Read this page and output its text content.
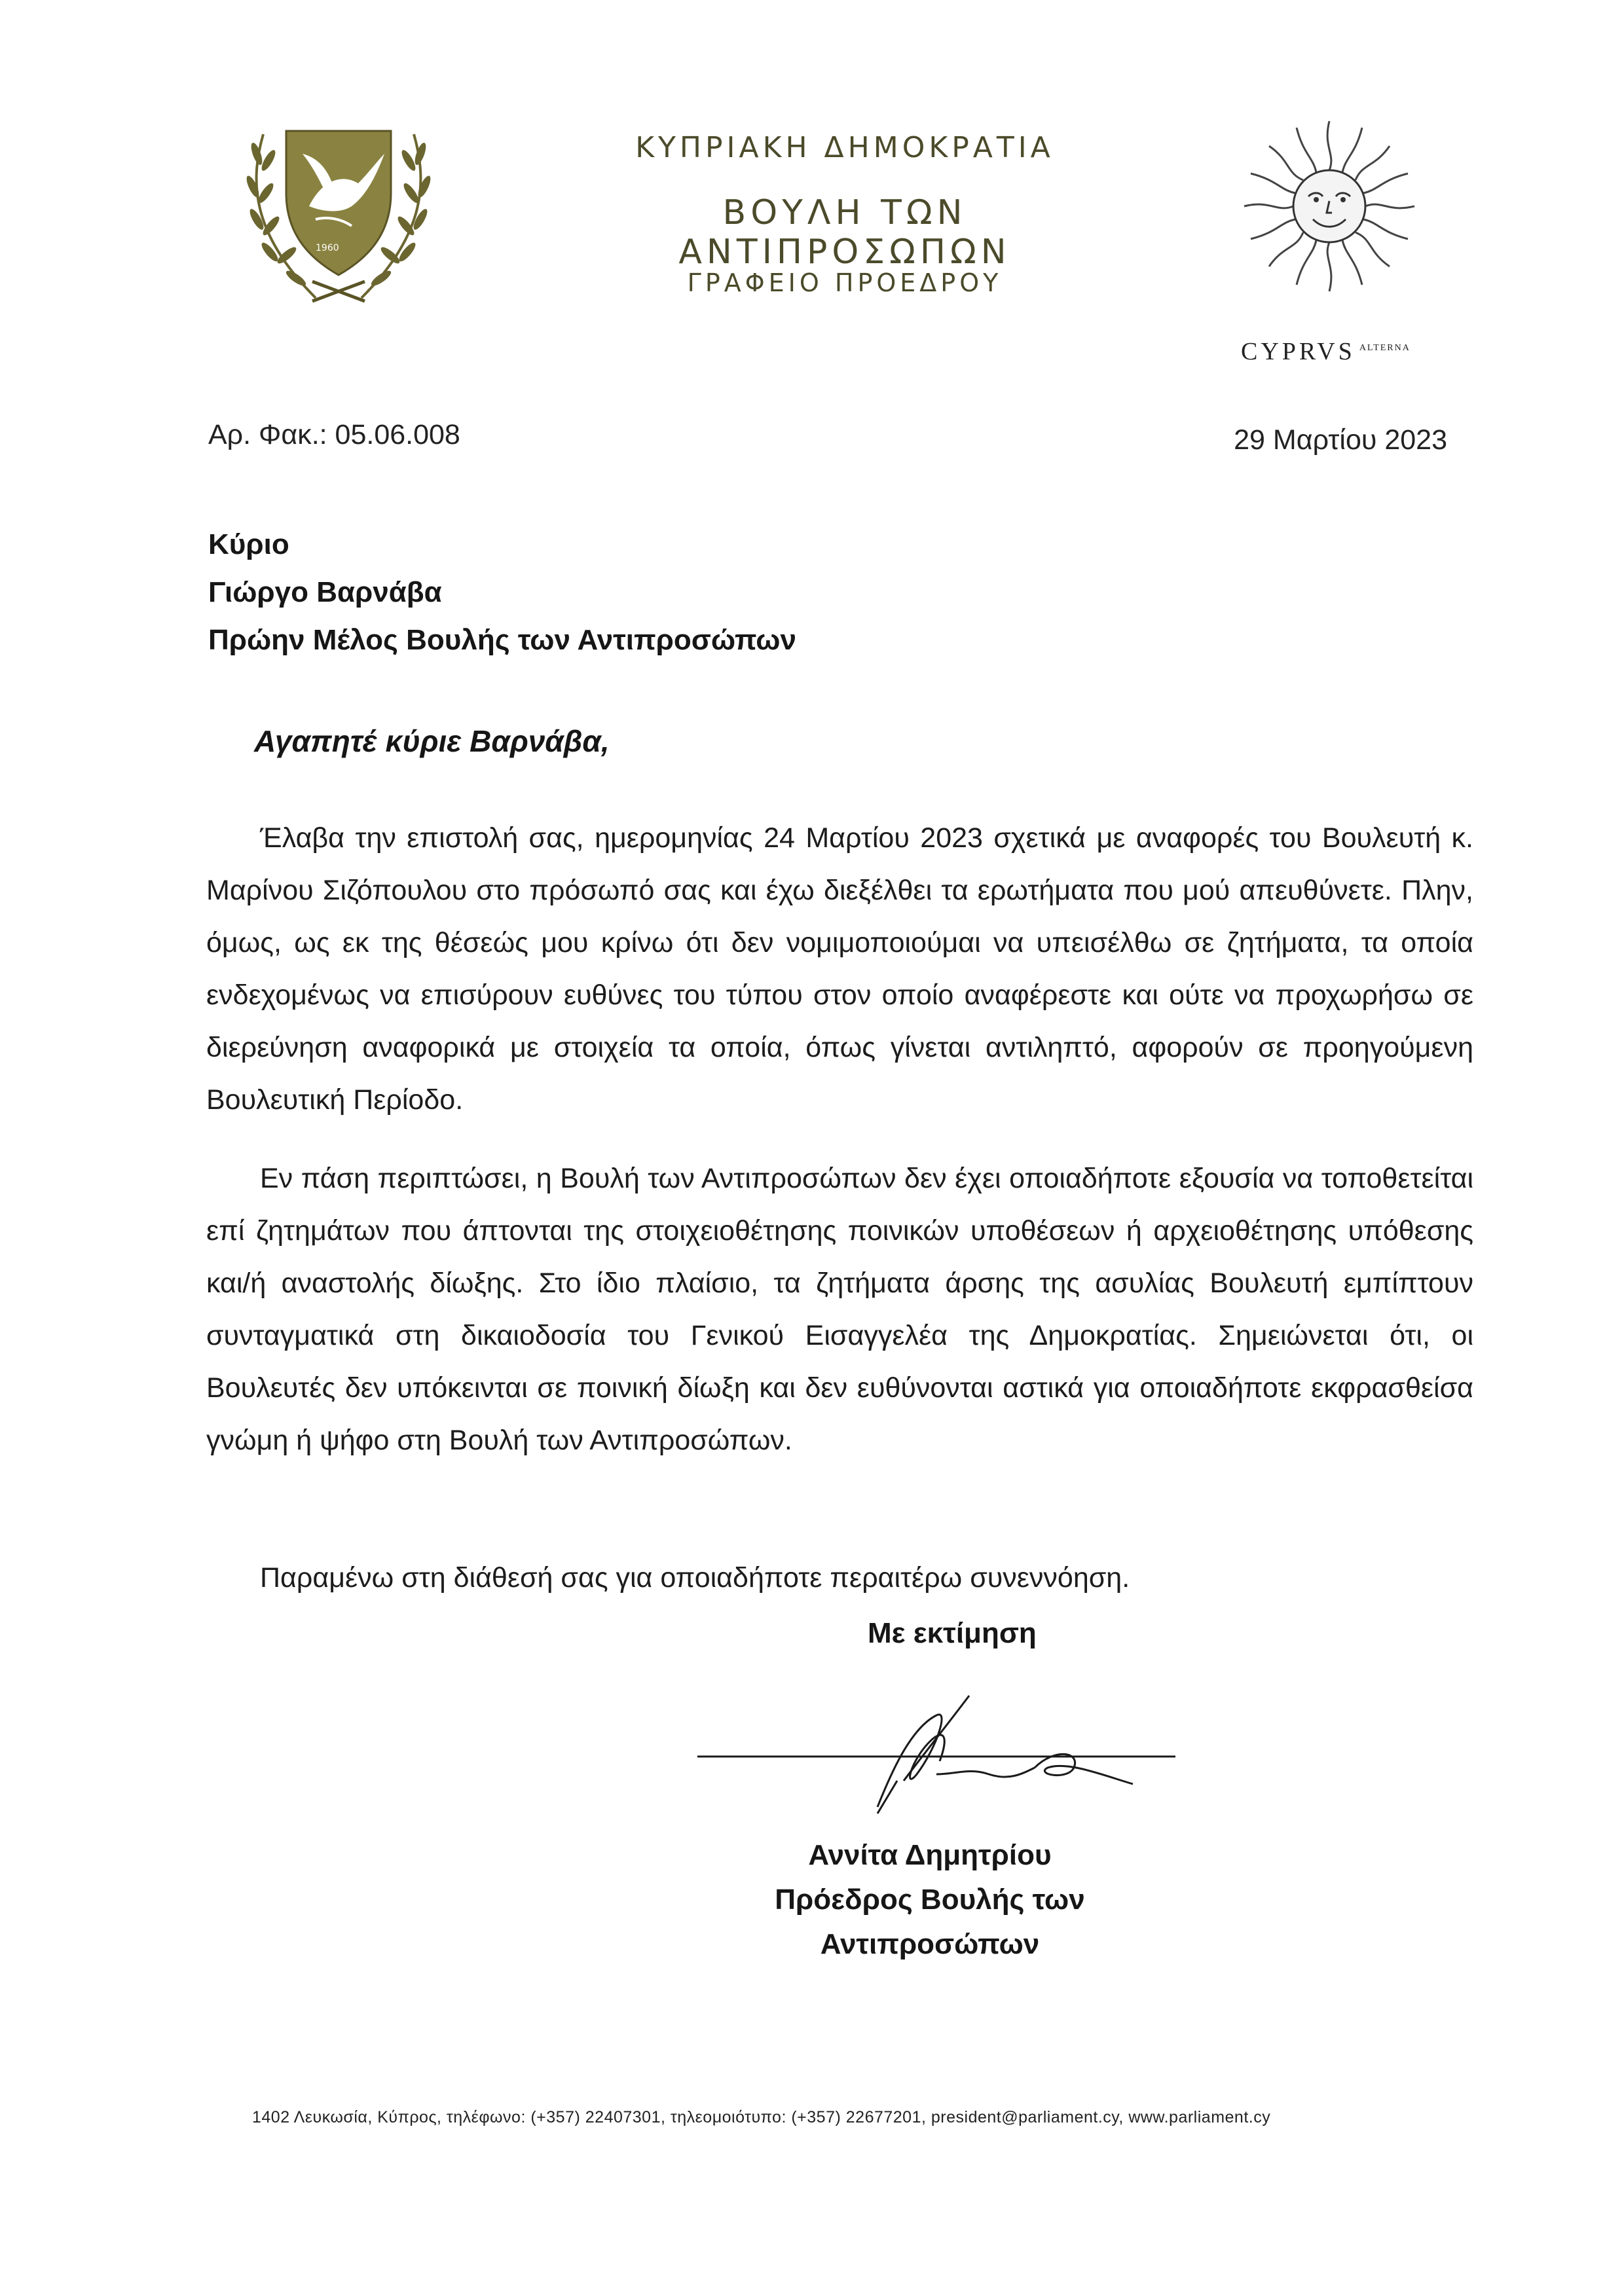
1960
ΚΥΠΡΙΑΚΗ ΔΗΜΟΚΡΑΤΙΑ
ΒΟΥΛΗ ΤΩΝ ΑΝΤΙΠΡΟΣΩΠΩΝ
ΓΡΑΦΕΙΟ ΠΡΟΕΔΡΟΥ
CYPRVS $^{ALTERNA}$
Αρ. Φακ.: 05.06.008	29 Μαρτίου 2023
Κύριο
Γιώργο Βαρνάβα
Πρώην Μέλος Βουλής των Αντιπροσώπων
Αγαπητέ κύριε Βαρνάβα,
Έλαβα την επιστολή σας, ημερομηνίας 24 Μαρτίου 2023 σχετικά με αναφορές του Βουλευτή κ. Μαρίνου Σιζόπουλου στο πρόσωπό σας και έχω διεξέλθει τα ερωτήματα που μού απευθύνετε. Πλην, όμως, ως εκ της θέσεώς μου κρίνω ότι δεν νομιμοποιούμαι να υπεισέλθω σε ζητήματα, τα οποία ενδεχομένως να επισύρουν ευθύνες του τύπου στον οποίο αναφέρεστε και ούτε να προχωρήσω σε διερεύνηση αναφορικά με στοιχεία τα οποία, όπως γίνεται αντιληπτό, αφορούν σε προηγούμενη Βουλευτική Περίοδο.
Εν πάση περιπτώσει, η Βουλή των Αντιπροσώπων δεν έχει οποιαδήποτε εξουσία να τοποθετείται επί ζητημάτων που άπτονται της στοιχειοθέτησης ποινικών υποθέσεων ή αρχειοθέτησης υπόθεσης και/ή αναστολής δίωξης. Στο ίδιο πλαίσιο, τα ζητήματα άρσης της ασυλίας Βουλευτή εμπίπτουν συνταγματικά στη δικαιοδοσία του Γενικού Εισαγγελέα της Δημοκρατίας. Σημειώνεται ότι, οι Βουλευτές δεν υπόκεινται σε ποινική δίωξη και δεν ευθύνονται αστικά για οποιαδήποτε εκφρασθείσα γνώμη ή ψήφο στη Βουλή των Αντιπροσώπων.
Παραμένω στη διάθεσή σας για οποιαδήποτε περαιτέρω συνεννόηση.
Με εκτίμηση
Αννίτα Δημητρίου
Πρόεδρος Βουλής των Αντιπροσώπων
1402 Λευκωσία, Κύπρος, τηλέφωνο: (+357) 22407301, τηλεομοιότυπο: (+357) 22677201, president@parliament.cy, www.parliament.cy
